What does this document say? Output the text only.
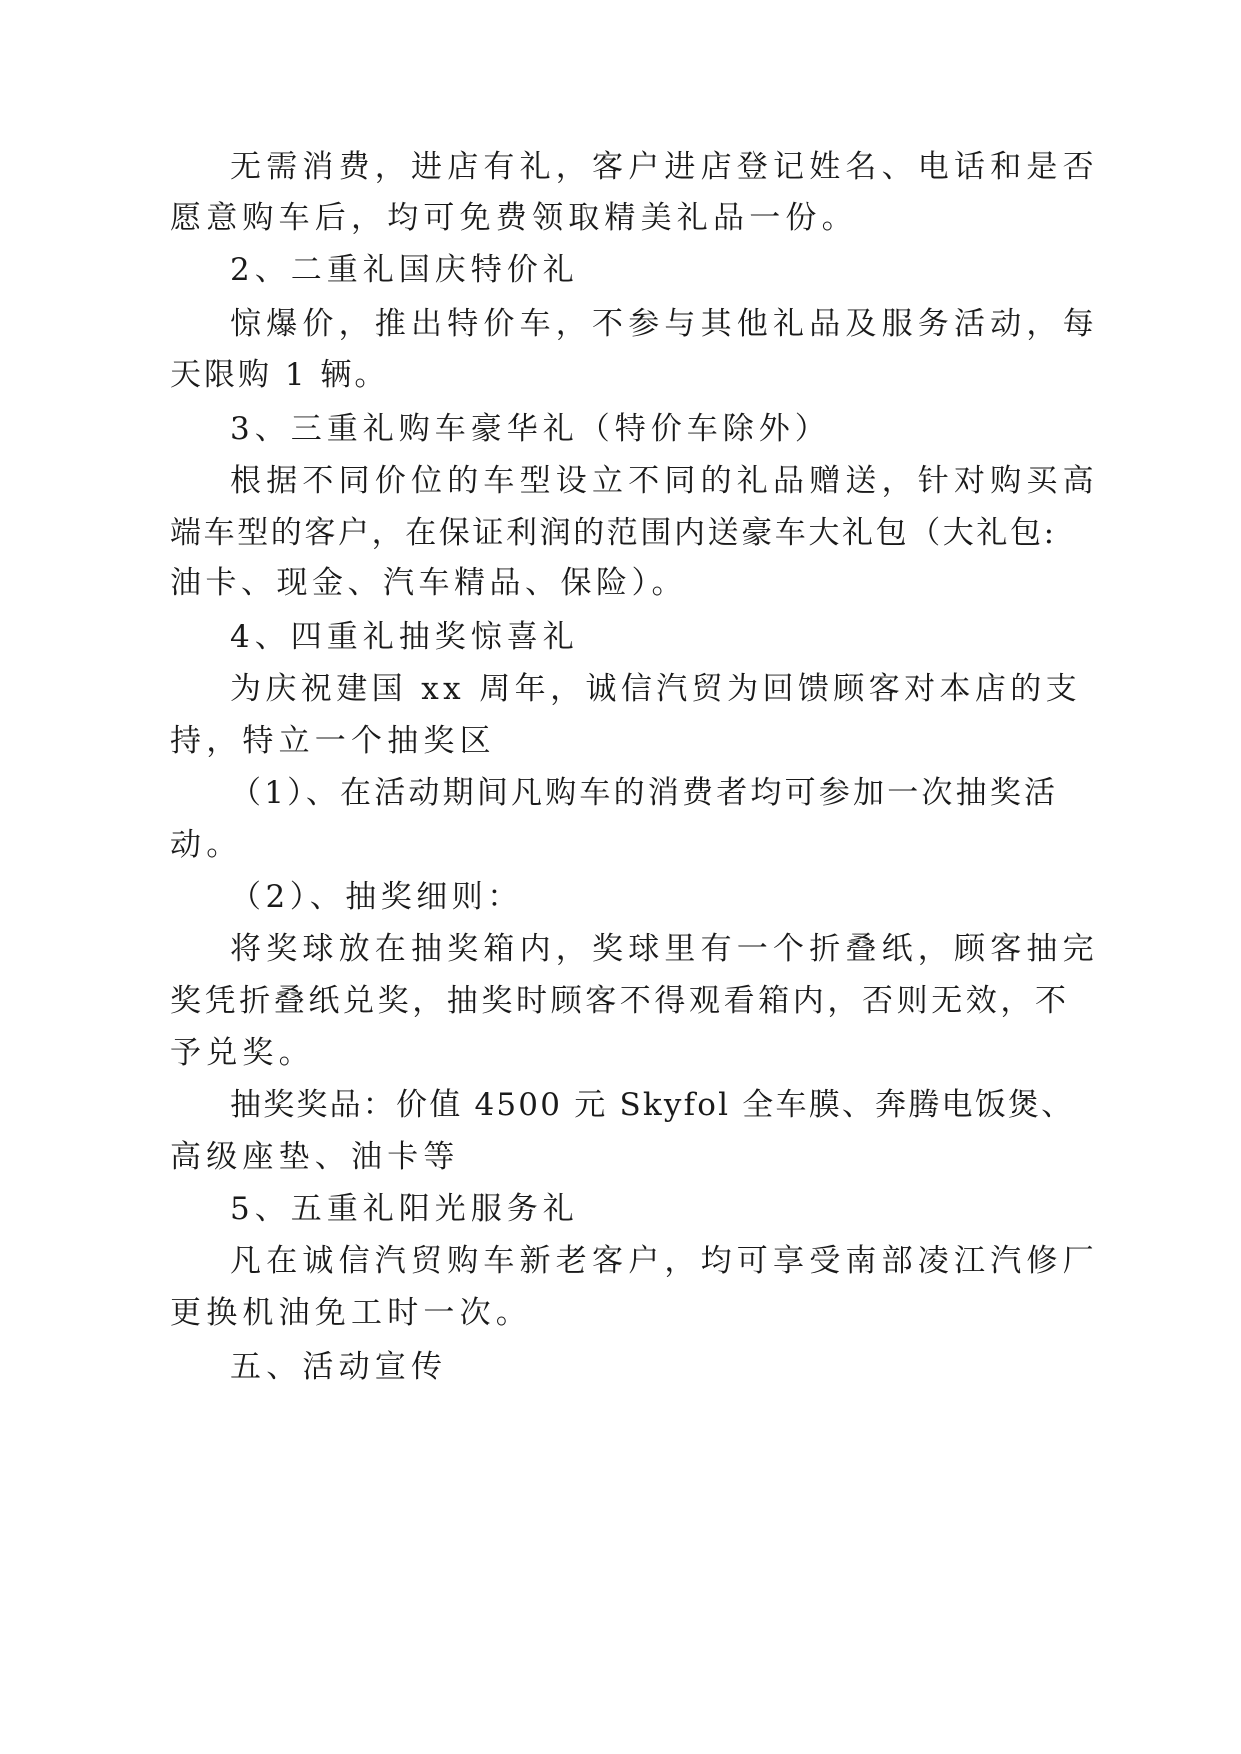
无需消费，进店有礼，客户进店登记姓名、电话和是否
愿意购车后，均可免费领取精美礼品一份。
2、二重礼国庆特价礼
惊爆价，推出特价车，不参与其他礼品及服务活动，每
天限购 1 辆。
3、三重礼购车豪华礼（特价车除外）
根据不同价位的车型设立不同的礼品赠送，针对购买高
端车型的客户，在保证利润的范围内送豪车大礼包（大礼包:
油卡、现金、汽车精品、保险）。
4、四重礼抽奖惊喜礼
为庆祝建国 xx 周年，诚信汽贸为回馈顾客对本店的支
持，特立一个抽奖区
（1）、在活动期间凡购车的消费者均可参加一次抽奖活
动。
（2）、抽奖细则：
将奖球放在抽奖箱内，奖球里有一个折叠纸，顾客抽完
奖凭折叠纸兑奖，抽奖时顾客不得观看箱内，否则无效，不
予兑奖。
抽奖奖品：价值 4500 元 Skyfol 全车膜、奔腾电饭煲、
高级座垫、油卡等
5、五重礼阳光服务礼
凡在诚信汽贸购车新老客户，均可享受南部凌江汽修厂
更换机油免工时一次。
五、活动宣传
